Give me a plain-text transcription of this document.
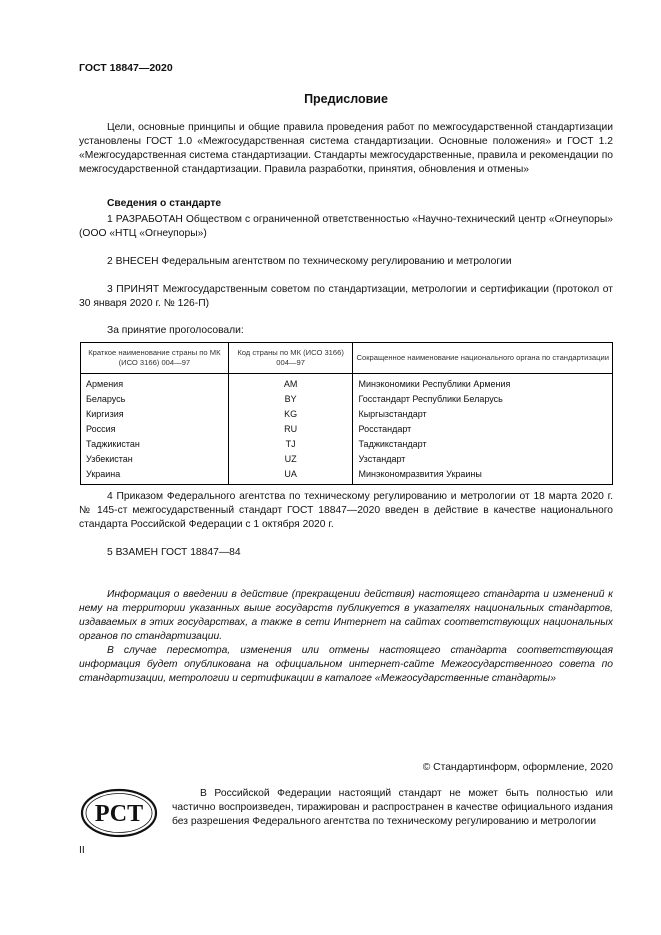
ГОСТ 18847—2020
Предисловие
Цели, основные принципы и общие правила проведения работ по межгосударственной стандартизации установлены ГОСТ 1.0 «Межгосударственная система стандартизации. Основные положения» и ГОСТ 1.2 «Межгосударственная система стандартизации. Стандарты межгосударственные, правила и рекомендации по межгосударственной стандартизации. Правила разработки, принятия, обновления и отмены»
Сведения о стандарте
1 РАЗРАБОТАН Обществом с ограниченной ответственностью «Научно-технический центр «Огнеупоры» (ООО «НТЦ «Огнеупоры»)
2 ВНЕСЕН Федеральным агентством по техническому регулированию и метрологии
3 ПРИНЯТ Межгосударственным советом по стандартизации, метрологии и сертификации (протокол от 30 января 2020 г. № 126-П)
За принятие проголосовали:
Краткое наименование страны по МК (ИСО 3166) 004—97	Код страны по МК (ИСО 3166) 004—97	Сокращенное наименование национального органа по стандартизации
Армения	AM	Минэкономики Республики Армения
Беларусь	BY	Госстандарт Республики Беларусь
Киргизия	KG	Кыргызстандарт
Россия	RU	Росстандарт
Таджикистан	TJ	Таджикстандарт
Узбекистан	UZ	Узстандарт
Украина	UA	Минэкономразвития Украины
4 Приказом Федерального агентства по техническому регулированию и метрологии от 18 марта 2020 г. № 145-ст межгосударственный стандарт ГОСТ 18847—2020 введен в действие в качестве национального стандарта Российской Федерации с 1 октября 2020 г.
5 ВЗАМЕН ГОСТ 18847—84
Информация о введении в действие (прекращении действия) настоящего стандарта и изменений к нему на территории указанных выше государств публикуется в указателях национальных стандартов, издаваемых в этих государствах, а также в сети Интернет на сайтах соответствующих национальных органов по стандартизации.
В случае пересмотра, изменения или отмены настоящего стандарта соответствующая информация будет опубликована на официальном интернет-сайте Межгосударственного совета по стандартизации, метрологии и сертификации в каталоге «Межгосударственные стандарты»
© Стандартинформ, оформление, 2020
РСТ
В Российской Федерации настоящий стандарт не может быть полностью или частично воспроизведен, тиражирован и распространен в качестве официального издания без разрешения Федерального агентства по техническому регулированию и метрологии
II
